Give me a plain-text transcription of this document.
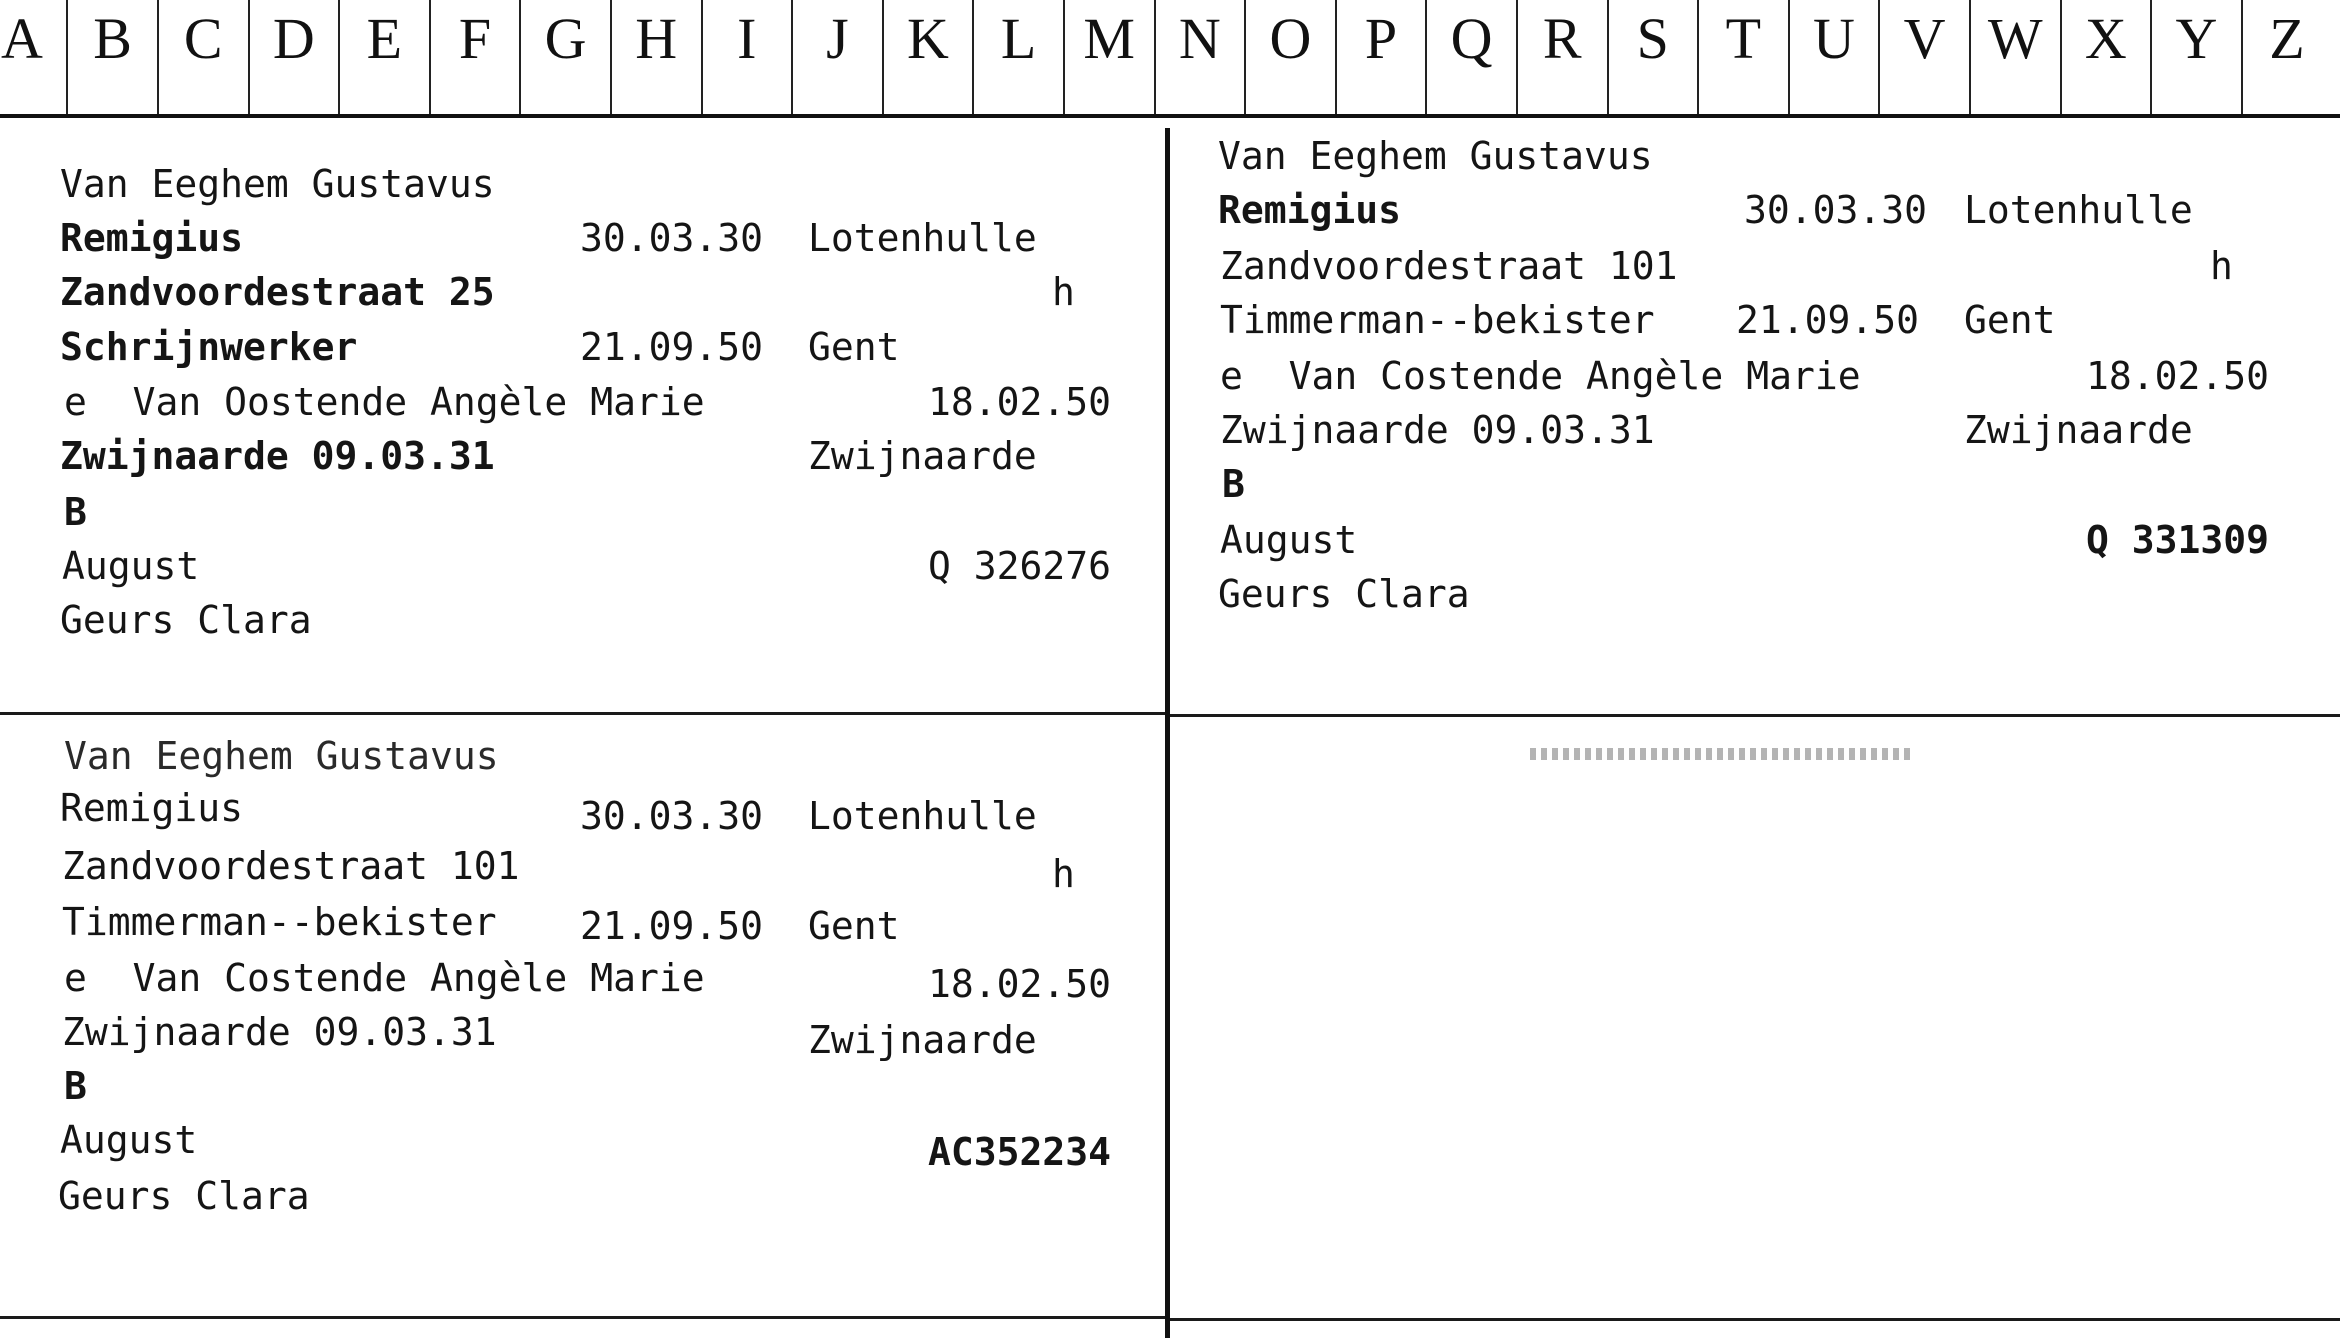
A B C D E F G H	I	J	K L M N O P Q R S T U V W X Y Z
Van Eeghem Gustavus
Remigius	30.03.30 Lotenhulle
Zandvoordestraat 25	h
Schrijnwerker	21.09.50 Gent
e  Van Oostende Angèle Marie	18.02.50
Zwijnaarde 09.03.31	Zwijnaarde
B
August	Q 326276
Geurs Clara
Van Eeghem Gustavus
Remigius	30.03.30 Lotenhulle
Zandvoordestraat 101	h
Timmerman--bekister 21.09.50 Gent
e  Van Costende Angèle Marie	18.02.50
Zwijnaarde 09.03.31	Zwijnaarde
B
August	Q 331309
Geurs Clara
Van Eeghem Gustavus
Remigius	30.03.30 Lotenhulle
Zandvoordestraat 101	h
Timmerman--bekister 21.09.50 Gent
e  Van Costende Angèle Marie	18.02.50
Zwijnaarde 09.03.31	Zwijnaarde
B
August	AC352234
Geurs Clara
